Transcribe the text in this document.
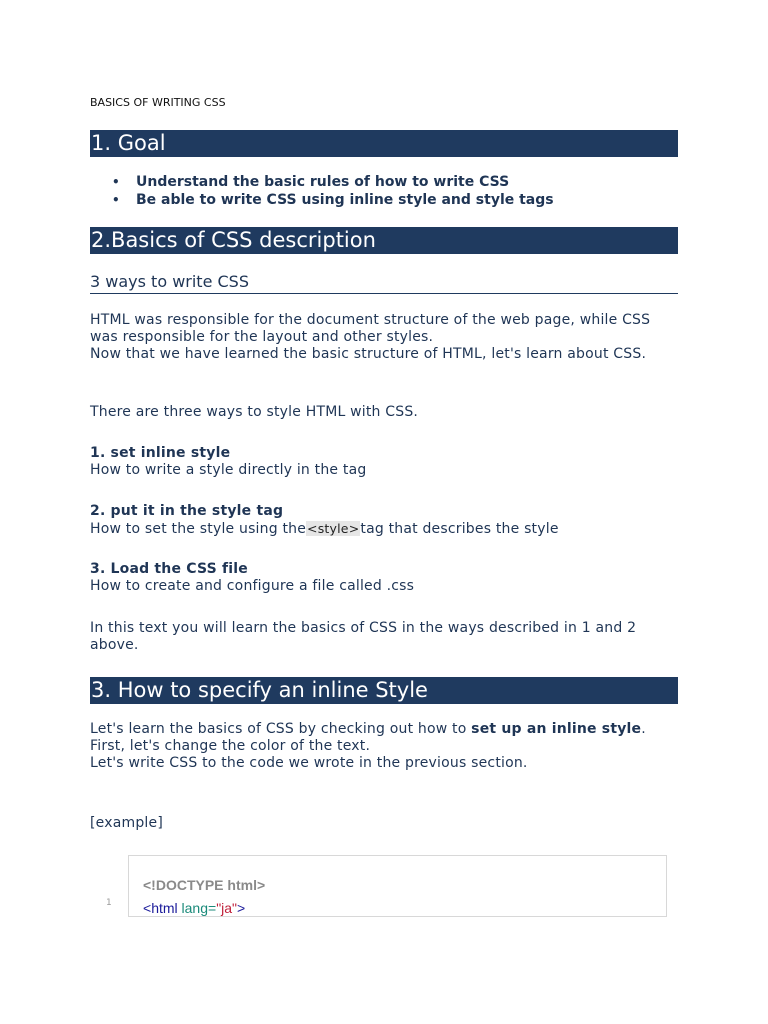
BASICS OF WRITING CSS
1. Goal
• Understand the basic rules of how to write CSS
• Be able to write CSS using inline style and style tags
2.Basics of CSS description
3 ways to write CSS
HTML was responsible for the document structure of the web page, while CSS was responsible for the layout and other styles.
Now that we have learned the basic structure of HTML, let's learn about CSS.
There are three ways to style HTML with CSS.
1. set inline style
How to write a style directly in the tag
2. put it in the style tag
How to set the style using the<style>tag that describes the style
3. Load the CSS file
How to create and configure a file called .css
In this text you will learn the basics of CSS in the ways described in 1 and 2 above.
3. How to specify an inline Style
Let's learn the basics of CSS by checking out how to set up an inline style.
First, let's change the color of the text.
Let's write CSS to the code we wrote in the previous section.
[example]
1
<!DOCTYPE html>
<html lang="ja">
